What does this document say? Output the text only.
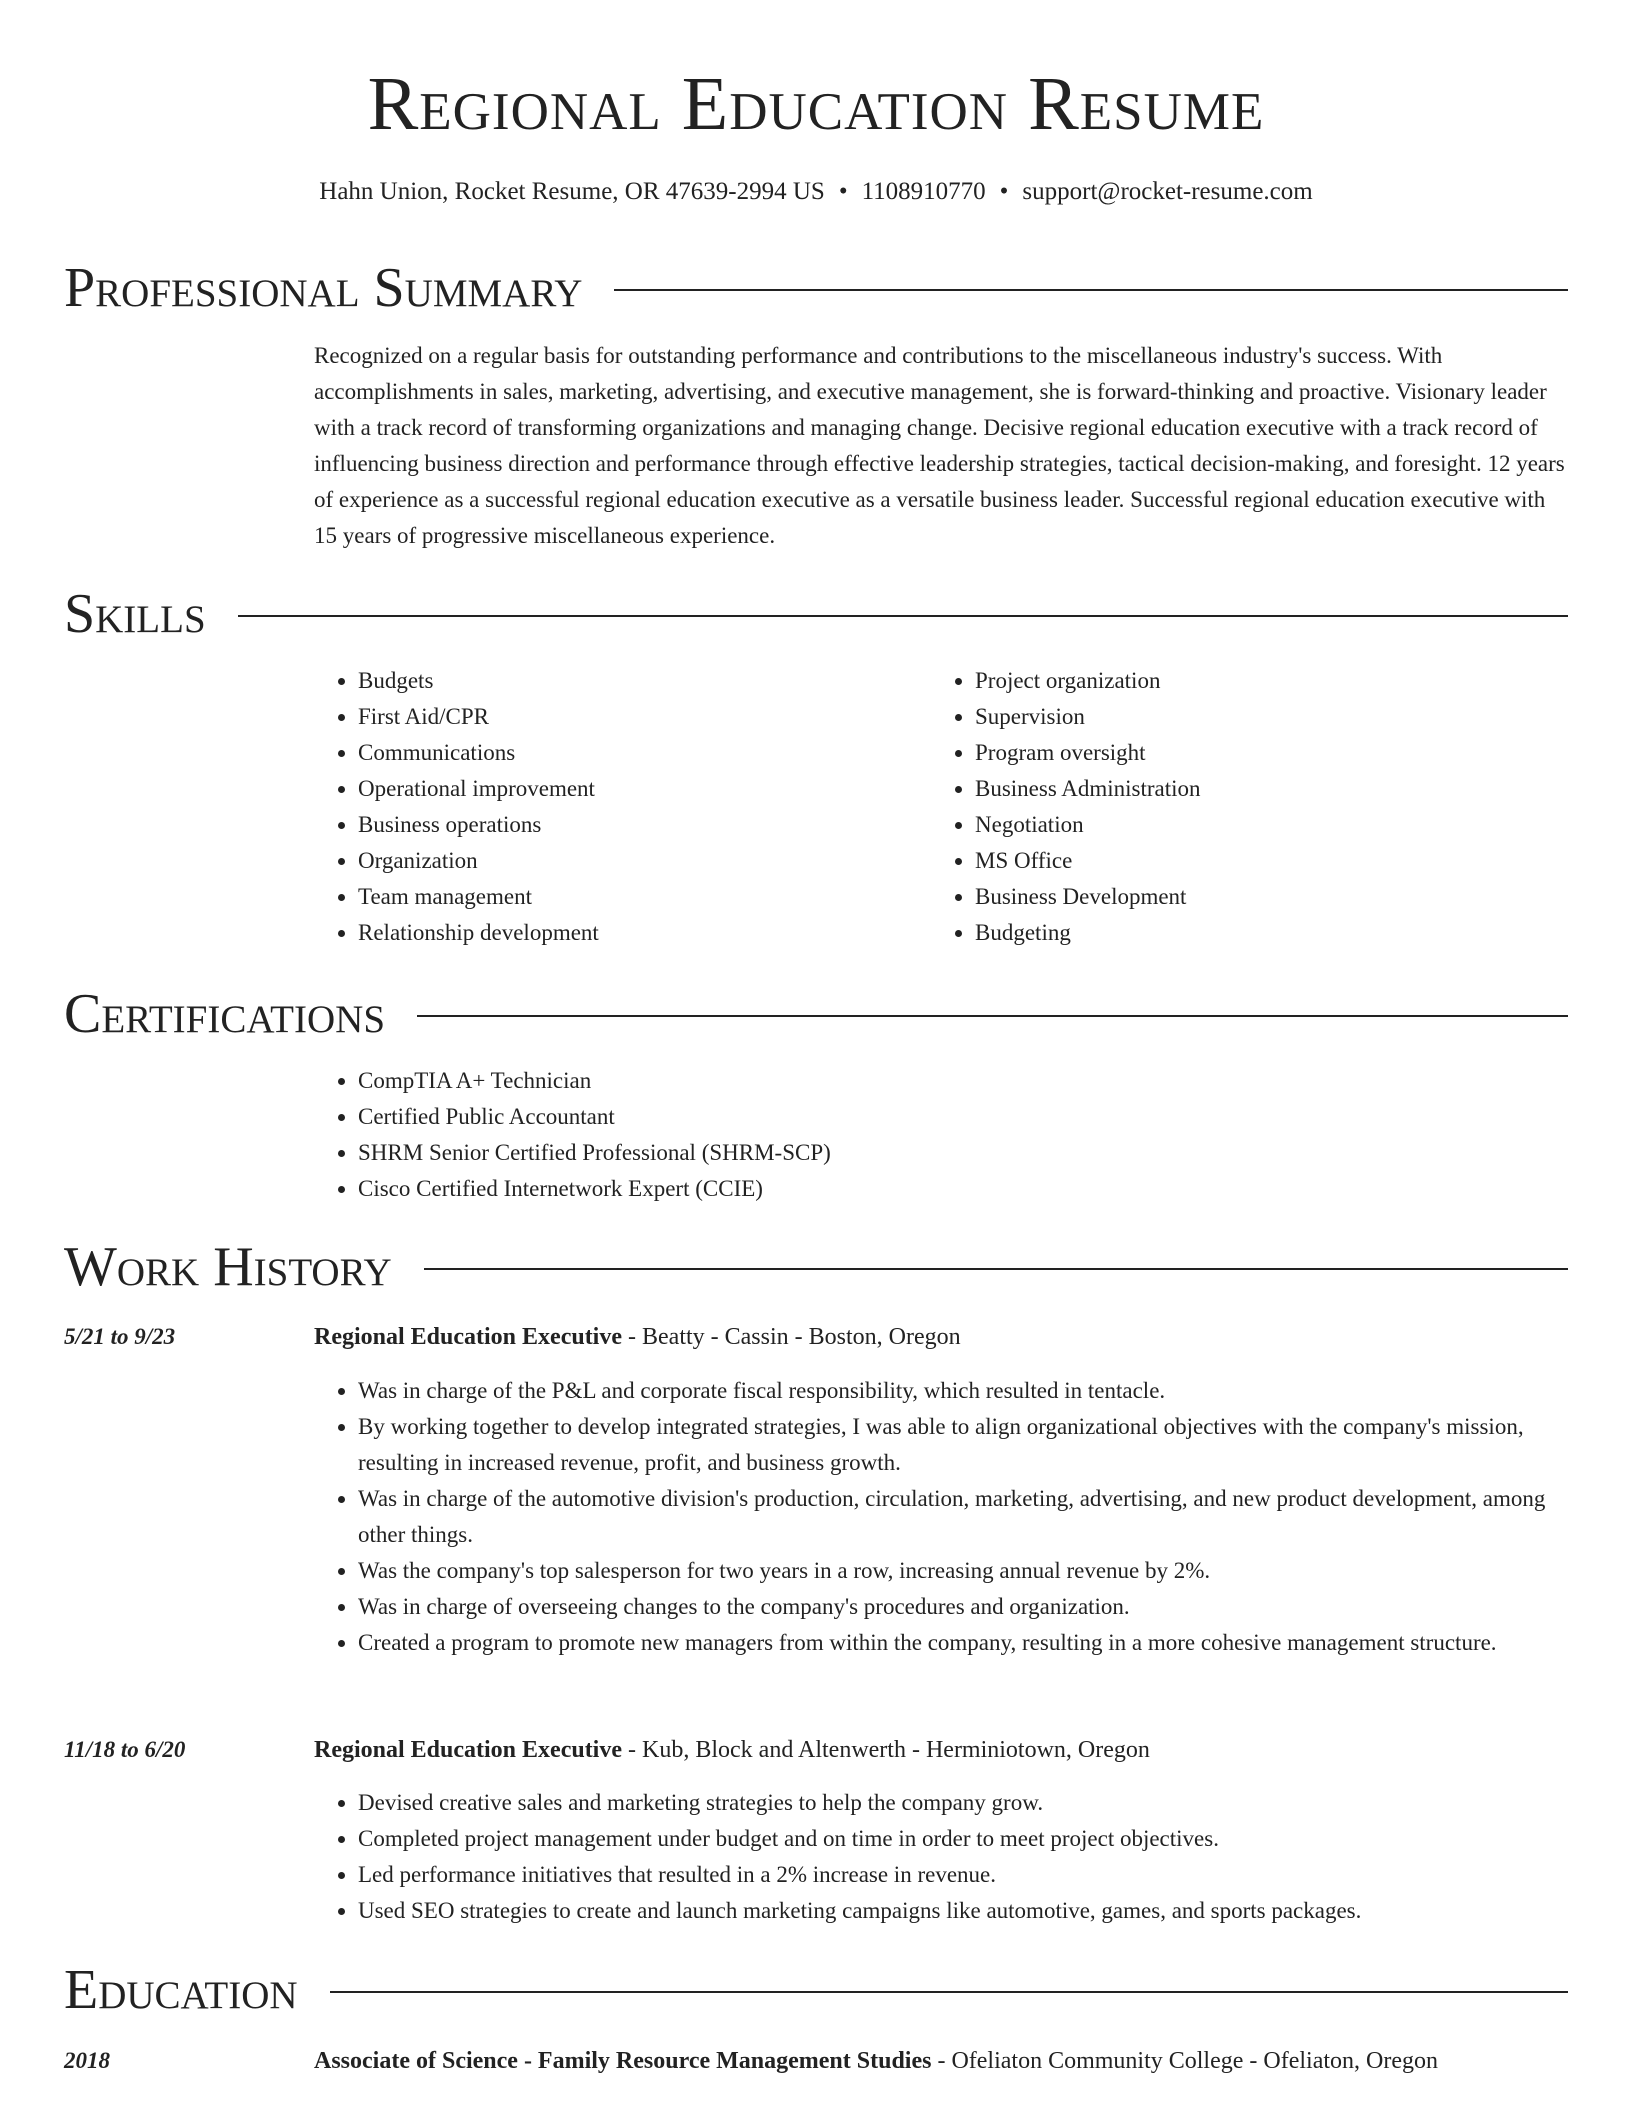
Regional Education Resume
Hahn Union, Rocket Resume, OR 47639-2994 US • 1108910770 • support@rocket-resume.com
Professional Summary
Recognized on a regular basis for outstanding performance and contributions to the miscellaneous industry's success. With accomplishments in sales, marketing, advertising, and executive management, she is forward-thinking and proactive. Visionary leader with a track record of transforming organizations and managing change. Decisive regional education executive with a track record of influencing business direction and performance through effective leadership strategies, tactical decision-making, and foresight. 12 years of experience as a successful regional education executive as a versatile business leader. Successful regional education executive with 15 years of progressive miscellaneous experience.
Skills
• Budgets
• First Aid/CPR
• Communications
• Operational improvement
• Business operations
• Organization
• Team management
• Relationship development
• Project organization
• Supervision
• Program oversight
• Business Administration
• Negotiation
• MS Office
• Business Development
• Budgeting
Certifications
• CompTIA A+ Technician
• Certified Public Accountant
• SHRM Senior Certified Professional (SHRM-SCP)
• Cisco Certified Internetwork Expert (CCIE)
Work History
5/21 to 9/23	Regional Education Executive - Beatty - Cassin - Boston, Oregon
• Was in charge of the P&L and corporate fiscal responsibility, which resulted in tentacle.
• By working together to develop integrated strategies, I was able to align organizational objectives with the company's mission, resulting in increased revenue, profit, and business growth.
• Was in charge of the automotive division's production, circulation, marketing, advertising, and new product development, among other things.
• Was the company's top salesperson for two years in a row, increasing annual revenue by 2%.
• Was in charge of overseeing changes to the company's procedures and organization.
• Created a program to promote new managers from within the company, resulting in a more cohesive management structure.
11/18 to 6/20	Regional Education Executive - Kub, Block and Altenwerth - Herminiotown, Oregon
• Devised creative sales and marketing strategies to help the company grow.
• Completed project management under budget and on time in order to meet project objectives.
• Led performance initiatives that resulted in a 2% increase in revenue.
• Used SEO strategies to create and launch marketing campaigns like automotive, games, and sports packages.
Education
2018	Associate of Science - Family Resource Management Studies - Ofeliaton Community College - Ofeliaton, Oregon
